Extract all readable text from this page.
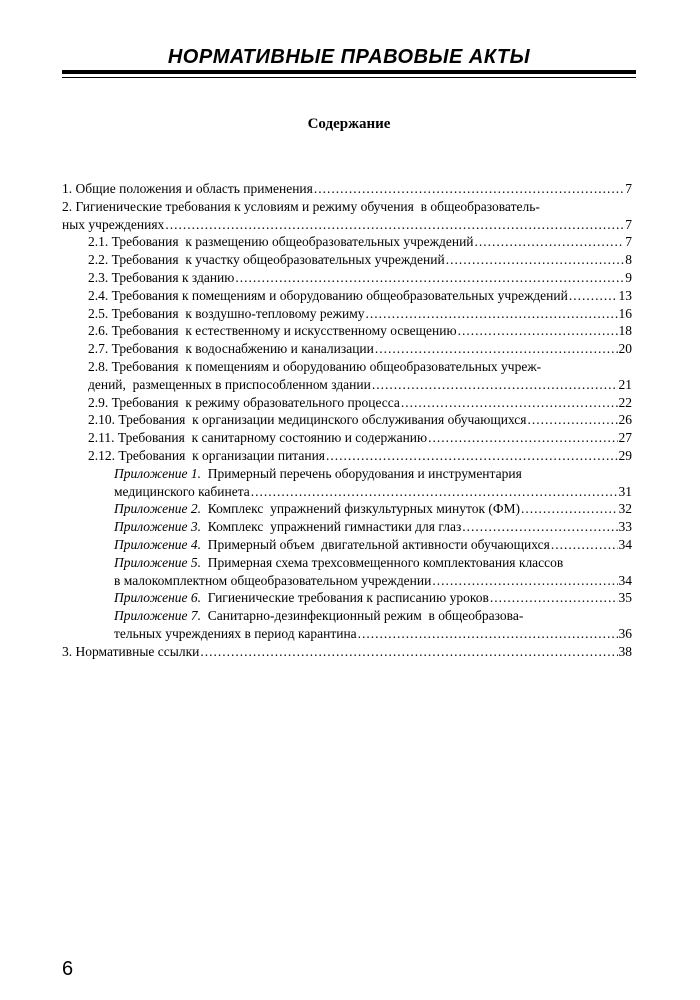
НОРМАТИВНЫЕ ПРАВОВЫЕ АКТЫ
Содержание
1. Общие положения и область применения .....	7
2. Гигиенические требования к условиям и режиму обучения  в общеобразователь-
ных учреждениях .....	7
2.1. Требования  к размещению общеобразовательных учреждений .....	7
2.2. Требования  к участку общеобразовательных учреждений .....	8
2.3. Требования к зданию .....	9
2.4. Требования к помещениям и оборудованию общеобразовательных учреждений .....	13
2.5. Требования  к воздушно-тепловому режиму .....	16
2.6. Требования  к естественному и искусственному освещению .....	18
2.7. Требования  к водоснабжению и канализации .....	20
2.8. Требования  к помещениям и оборудованию общеобразовательных учреж-
дений,  размещенных в приспособленном здании .....	21
2.9. Требования  к режиму образовательного процесса .....	22
2.10. Требования  к организации медицинского обслуживания обучающихся .....	26
2.11. Требования  к санитарному состоянию и содержанию .....	27
2.12. Требования  к организации питания .....	29
Приложение 1.  Примерный перечень оборудования и инструментария
медицинского кабинета .....	31
Приложение 2. Комплекс  упражнений физкультурных минуток (ФМ) .....	32
Приложение 3. Комплекс  упражнений гимнастики для глаз .....	33
Приложение 4. Примерный объем  двигательной активности обучающихся .....	34
Приложение 5.  Примерная схема трехсовмещенного комплектования классов
в малокомплектном общеобразовательном учреждении .....	34
Приложение 6. Гигиенические требования к расписанию уроков .....	35
Приложение 7.  Санитарно-дезинфекционный режим  в общеобразова-
тельных учреждениях в период карантина .....	36
3. Нормативные ссылки .....	38
6
